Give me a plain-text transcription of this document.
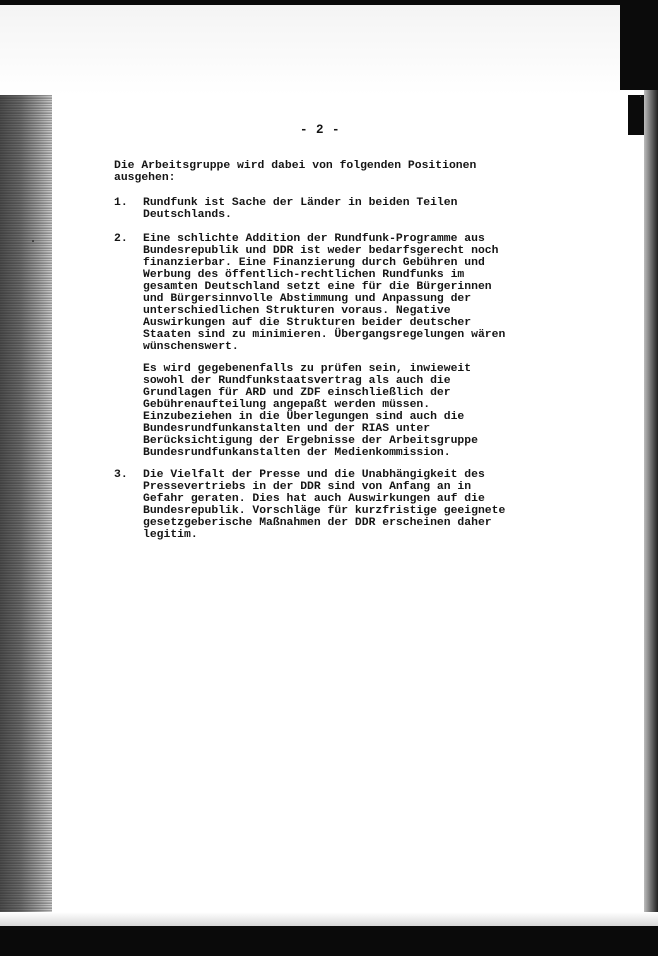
- 2 -

Die Arbeitsgruppe wird dabei von folgenden Positionen
ausgehen:

1. Rundfunk ist Sache der Länder in beiden Teilen
Deutschlands.

2. Eine schlichte Addition der Rundfunk-Programme aus
Bundesrepublik und DDR ist weder bedarfsgerecht noch
finanzierbar. Eine Finanzierung durch Gebühren und
Werbung des öffentlich-rechtlichen Rundfunks im
gesamten Deutschland setzt eine für die Bürgerinnen
und Bürgersinnvolle Abstimmung und Anpassung der
unterschiedlichen Strukturen voraus. Negative
Auswirkungen auf die Strukturen beider deutscher
Staaten sind zu minimieren. Übergangsregelungen wären
wünschenswert.

Es wird gegebenenfalls zu prüfen sein, inwieweit
sowohl der Rundfunkstaatsvertrag als auch die
Grundlagen für ARD und ZDF einschließlich der
Gebührenaufteilung angepaßt werden müssen.
Einzubeziehen in die Überlegungen sind auch die
Bundesrundfunkanstalten und der RIAS unter
Berücksichtigung der Ergebnisse der Arbeitsgruppe
Bundesrundfunkanstalten der Medienkommission.

3. Die Vielfalt der Presse und die Unabhängigkeit des
Pressevertriebs in der DDR sind von Anfang an in
Gefahr geraten. Dies hat auch Auswirkungen auf die
Bundesrepublik. Vorschläge für kurzfristige geeignete
gesetzgeberische Maßnahmen der DDR erscheinen daher
legitim.
